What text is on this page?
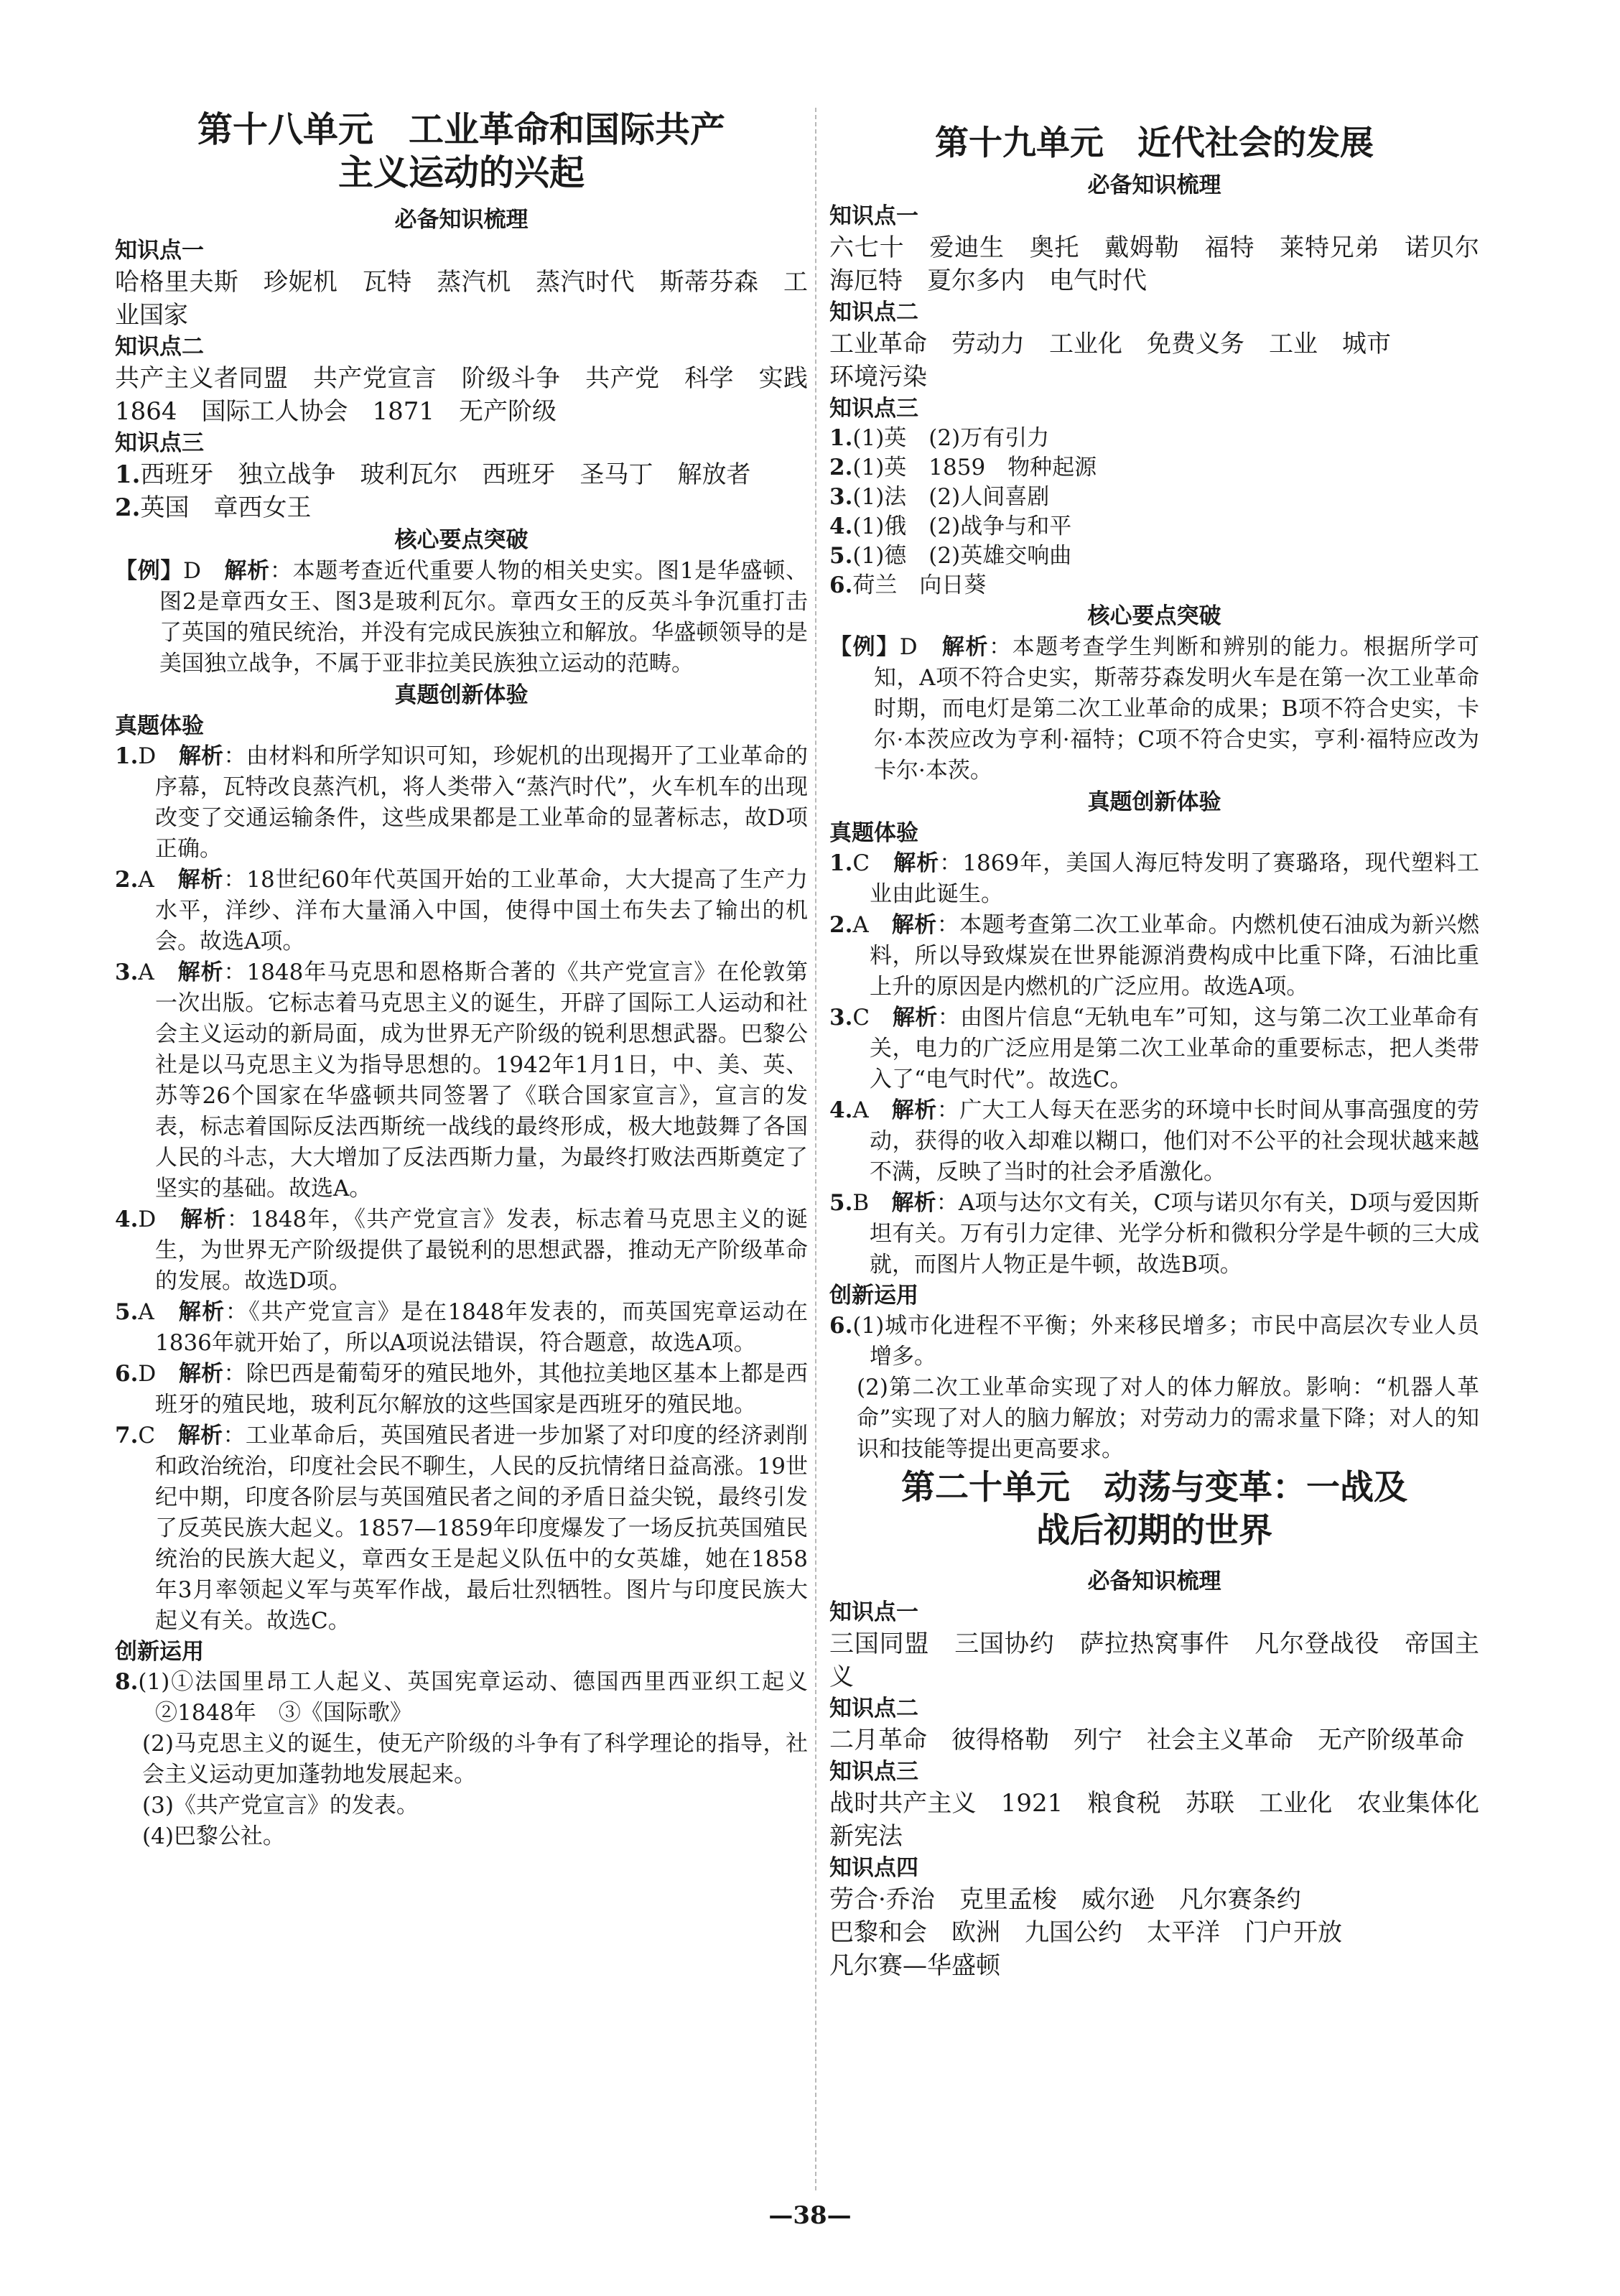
第十八单元　工业革命和国际共产
主义运动的兴起
必备知识梳理
知识点一
哈格里夫斯　珍妮机　瓦特　蒸汽机　蒸汽时代　斯蒂芬森　工业国家
知识点二
共产主义者同盟　共产党宣言　阶级斗争　共产党　科学　实践　1864　国际工人协会　1871　无产阶级
知识点三
1.西班牙　独立战争　玻利瓦尔　西班牙　圣马丁　解放者
2.英国　章西女王
核心要点突破
【例】D　 解析：本题考查近代重要人物的相关史实。图1是华盛顿、图2是章西女王、图3是玻利瓦尔。章西女王的反英斗争沉重打击了英国的殖民统治，并没有完成民族独立和解放。华盛顿领导的是美国独立战争，不属于亚非拉美民族独立运动的范畴。
真题创新体验
真题体验
1.D　 解析：由材料和所学知识可知，珍妮机的出现揭开了工业革命的序幕，瓦特改良蒸汽机，将人类带入“蒸汽时代”，火车机车的出现改变了交通运输条件，这些成果都是工业革命的显著标志，故D项正确。
2.A　 解析：18世纪60年代英国开始的工业革命，大大提高了生产力水平，洋纱、洋布大量涌入中国，使得中国土布失去了输出的机会。故选A项。
3.A　 解析：1848年马克思和恩格斯合著的《共产党宣言》在伦敦第一次出版。它标志着马克思主义的诞生，开辟了国际工人运动和社会主义运动的新局面，成为世界无产阶级的锐利思想武器。巴黎公社是以马克思主义为指导思想的。1942年1月1日，中、美、英、苏等26个国家在华盛顿共同签署了《联合国家宣言》，宣言的发表，标志着国际反法西斯统一战线的最终形成，极大地鼓舞了各国人民的斗志，大大增加了反法西斯力量，为最终打败法西斯奠定了坚实的基础。故选A。
4.D　 解析：1848年，《共产党宣言》发表，标志着马克思主义的诞生，为世界无产阶级提供了最锐利的思想武器，推动无产阶级革命的发展。故选D项。
5.A　 解析：《共产党宣言》是在1848年发表的，而英国宪章运动在1836年就开始了，所以A项说法错误，符合题意，故选A项。
6.D　 解析：除巴西是葡萄牙的殖民地外，其他拉美地区基本上都是西班牙的殖民地，玻利瓦尔解放的这些国家是西班牙的殖民地。
7.C　 解析：工业革命后，英国殖民者进一步加紧了对印度的经济剥削和政治统治，印度社会民不聊生，人民的反抗情绪日益高涨。19世纪中期，印度各阶层与英国殖民者之间的矛盾日益尖锐，最终引发了反英民族大起义。1857—1859年印度爆发了一场反抗英国殖民统治的民族大起义，章西女王是起义队伍中的女英雄，她在1858年3月率领起义军与英军作战，最后壮烈牺牲。图片与印度民族大起义有关。故选C。
创新运用
8.(1)①法国里昂工人起义、英国宪章运动、德国西里西亚织工起义　②1848年　③《国际歌》
(2)马克思主义的诞生，使无产阶级的斗争有了科学理论的指导，社会主义运动更加蓬勃地发展起来。
(3)《共产党宣言》的发表。
(4)巴黎公社。
第十九单元　近代社会的发展
必备知识梳理
知识点一
六七十　爱迪生　奥托　戴姆勒　福特　莱特兄弟　诺贝尔　海厄特　夏尔多内　电气时代
知识点二
工业革命　劳动力　工业化　免费义务　工业　城市
环境污染
知识点三
1.(1)英　(2)万有引力
2.(1)英　1859　物种起源
3.(1)法　(2)人间喜剧
4.(1)俄　(2)战争与和平
5.(1)德　(2)英雄交响曲
6.荷兰　向日葵
核心要点突破
【例】D　 解析：本题考查学生判断和辨别的能力。根据所学可知，A项不符合史实，斯蒂芬森发明火车是在第一次工业革命时期，而电灯是第二次工业革命的成果；B项不符合史实，卡尔·本茨应改为亨利·福特；C项不符合史实，亨利·福特应改为卡尔·本茨。
真题创新体验
真题体验
1.C　 解析：1869年，美国人海厄特发明了赛璐珞，现代塑料工业由此诞生。
2.A　 解析：本题考查第二次工业革命。内燃机使石油成为新兴燃料，所以导致煤炭在世界能源消费构成中比重下降，石油比重上升的原因是内燃机的广泛应用。故选A项。
3.C　 解析：由图片信息“无轨电车”可知，这与第二次工业革命有关，电力的广泛应用是第二次工业革命的重要标志，把人类带入了“电气时代”。故选C。
4.A　 解析：广大工人每天在恶劣的环境中长时间从事高强度的劳动，获得的收入却难以糊口，他们对不公平的社会现状越来越不满，反映了当时的社会矛盾激化。
5.B　 解析：A项与达尔文有关，C项与诺贝尔有关，D项与爱因斯坦有关。万有引力定律、光学分析和微积分学是牛顿的三大成就，而图片人物正是牛顿，故选B项。
创新运用
6.(1)城市化进程不平衡；外来移民增多；市民中高层次专业人员增多。
(2)第二次工业革命实现了对人的体力解放。影响：“机器人革命”实现了对人的脑力解放；对劳动力的需求量下降；对人的知识和技能等提出更高要求。
第二十单元　动荡与变革：一战及
战后初期的世界
必备知识梳理
知识点一
三国同盟　三国协约　萨拉热窝事件　凡尔登战役　帝国主义
知识点二
二月革命　彼得格勒　列宁　社会主义革命　无产阶级革命
知识点三
战时共产主义　1921　粮食税　苏联　工业化　农业集体化　新宪法
知识点四
劳合·乔治　克里孟梭　威尔逊　凡尔赛条约
巴黎和会　欧洲　九国公约　太平洋　门户开放
凡尔赛—华盛顿
—38—
